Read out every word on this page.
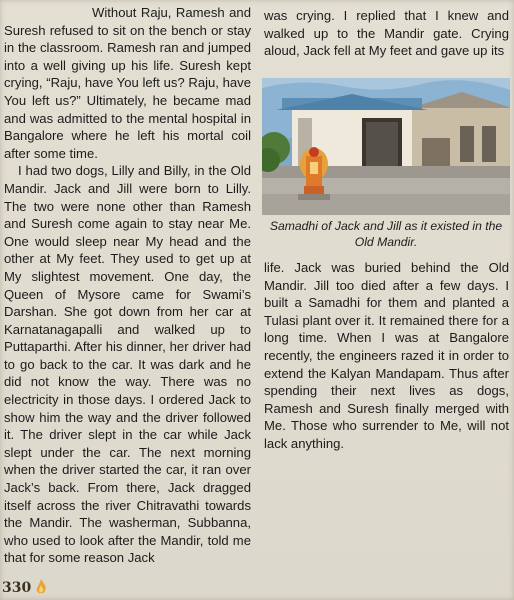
Without Raju, Ramesh and Suresh refused to sit on the bench or stay in the classroom. Ramesh ran and jumped into a well giving up his life. Suresh kept crying, “Raju, have You left us? Raju, have You left us?” Ultimately, he became mad and was admitted to the mental hospital in Bangalore where he left his mortal coil after some time.

I had two dogs, Lilly and Billy, in the Old Mandir. Jack and Jill were born to Lilly. The two were none other than Ramesh and Suresh come again to stay near Me. One would sleep near My head and the other at My feet. They used to get up at My slightest movement. One day, the Queen of Mysore came for Swami’s Darshan. She got down from her car at Karnatanagapalli and walked up to Puttaparthi. After his dinner, her driver had to go back to the car. It was dark and he did not know the way. There was no electricity in those days. I ordered Jack to show him the way and the driver followed it. The driver slept in the car while Jack slept under the car. The next morning when the driver started the car, it ran over Jack’s back. From there, Jack dragged itself across the river Chitravathi towards the Mandir. The washerman, Subbanna, who used to look after the Mandir, told me that for some reason Jack

was crying. I replied that I knew and walked up to the Mandir gate. Crying aloud, Jack fell at My feet and gave up its

Samadhi of Jack and Jill as it existed in the Old Mandir.

life. Jack was buried behind the Old Mandir. Jill too died after a few days. I built a Samadhi for them and planted a Tulasi plant over it. It remained there for a long time. When I was at Bangalore recently, the engineers razed it in order to extend the Kalyan Mandapam. Thus after spending their next lives as dogs, Ramesh and Suresh finally merged with Me. Those who surrender to Me, will not lack anything.

330
